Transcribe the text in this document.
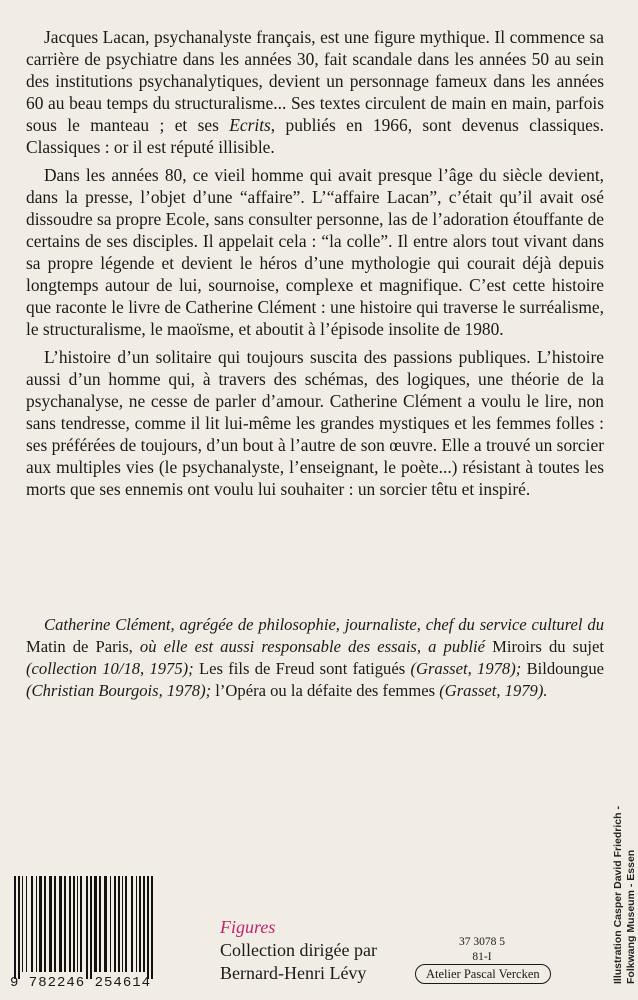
Jacques Lacan, psychanalyste français, est une figure mythique. Il commence sa carrière de psychiatre dans les années 30, fait scandale dans les années 50 au sein des institutions psychanalytiques, devient un personnage fameux dans les années 60 au beau temps du structuralisme... Ses textes circulent de main en main, parfois sous le manteau ; et ses Ecrits, publiés en 1966, sont devenus classiques. Classiques : or il est réputé illisible.

Dans les années 80, ce vieil homme qui avait presque l’âge du siècle devient, dans la presse, l’objet d’une “affaire”. L’“affaire Lacan”, c’était qu’il avait osé dissoudre sa propre Ecole, sans consulter personne, las de l’adoration étouffante de certains de ses disciples. Il appelait cela : “la colle”. Il entre alors tout vivant dans sa propre légende et devient le héros d’une mythologie qui courait déjà depuis longtemps autour de lui, sournoise, complexe et magnifique. C’est cette histoire que raconte le livre de Catherine Clément : une histoire qui traverse le surréalisme, le structuralisme, le maoïsme, et aboutit à l’épisode insolite de 1980.

L’histoire d’un solitaire qui toujours suscita des passions publiques. L’histoire aussi d’un homme qui, à travers des schémas, des logiques, une théorie de la psychanalyse, ne cesse de parler d’amour. Catherine Clément a voulu le lire, non sans tendresse, comme il lit lui-même les grandes mystiques et les femmes folles : ses préférées de toujours, d’un bout à l’autre de son œuvre. Elle a trouvé un sorcier aux multiples vies (le psychanalyste, l’enseignant, le poète...) résistant à toutes les morts que ses ennemis ont voulu lui souhaiter : un sorcier têtu et inspiré.

Catherine Clément, agrégée de philosophie, journaliste, chef du service culturel du Matin de Paris, où elle est aussi responsable des essais, a publié Miroirs du sujet (collection 10/18, 1975); Les fils de Freud sont fatigués (Grasset, 1978); Bildoungue (Christian Bourgois, 1978); l’Opéra ou la défaite des femmes (Grasset, 1979).

9 782246 254614
Figures
Collection dirigée par
Bernard-Henri Lévy
37 3078 5
81-I
Atelier Pascal Vercken	Illustration Casper David Friedrich - Folkwang Museum - Essen
